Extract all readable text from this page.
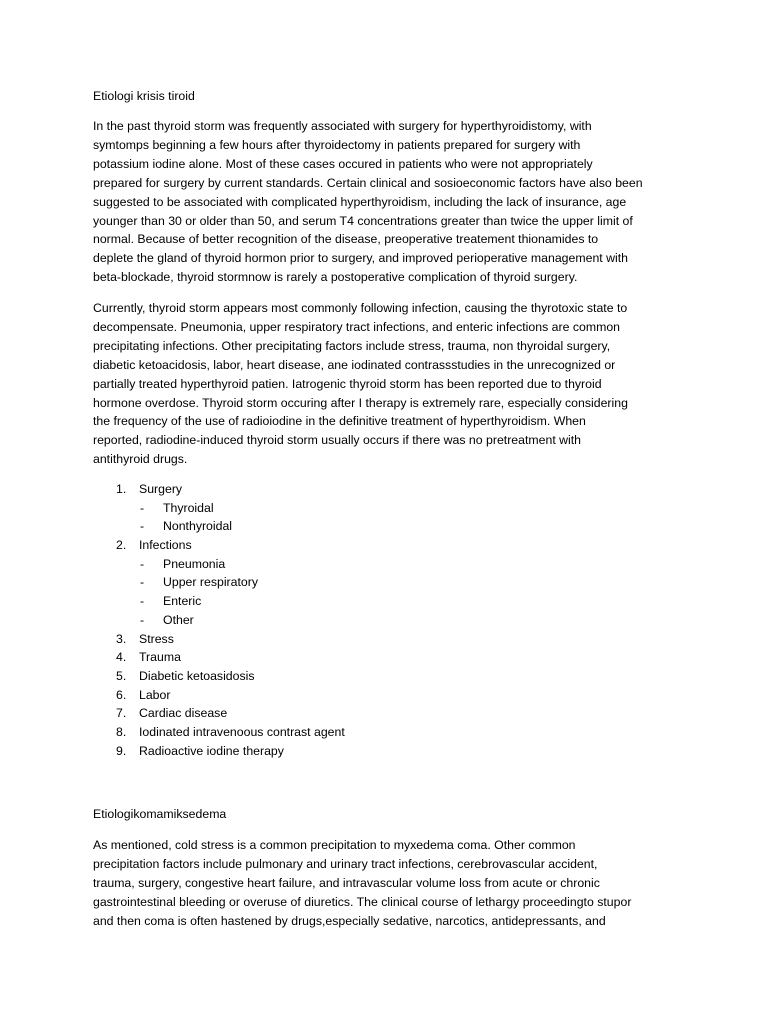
Etiologi krisis tiroid
In the past thyroid storm was frequently associated with surgery for hyperthyroidistomy, with
symtomps beginning a few hours after thyroidectomy in patients prepared for surgery with
potassium iodine alone. Most of these cases occured in patients who were not appropriately
prepared for surgery by current standards. Certain clinical and sosioeconomic factors have also been
suggested to be associated with complicated hyperthyroidism, including the lack of insurance, age
younger than 30 or older than 50, and serum T4 concentrations greater than twice the upper limit of
normal. Because of better recognition of the disease, preoperative treatement thionamides to
deplete the gland of thyroid hormon prior to surgery, and improved perioperative management with
beta-blockade, thyroid stormnow is rarely a postoperative complication of thyroid surgery.
Currently, thyroid storm appears most commonly following infection, causing the thyrotoxic state to
decompensate. Pneumonia, upper respiratory tract infections, and enteric infections are common
precipitating infections. Other precipitating factors include stress, trauma, non thyroidal surgery,
diabetic ketoacidosis, labor, heart disease, ane iodinated contrassstudies in the unrecognized or
partially treated hyperthyroid patien. Iatrogenic thyroid storm has been reported due to thyroid
hormone overdose. Thyroid storm occuring after I therapy is extremely rare, especially considering
the frequency of the use of radioiodine in the definitive treatment of hyperthyroidism. When
reported, radiodine-induced thyroid storm usually occurs if there was no pretreatment with
antithyroid drugs.
1.	Surgery
- Thyroidal
- Nonthyroidal
2.	Infections
- Pneumonia
- Upper respiratory
- Enteric
- Other
3.	Stress
4.	Trauma
5.	Diabetic ketoasidosis
6.	Labor
7.	Cardiac disease
8.	Iodinated intravenoous contrast agent
9.	Radioactive iodine therapy
Etiologikomamiksedema
As mentioned, cold stress is a common precipitation to myxedema coma. Other common
precipitation factors include pulmonary and urinary tract infections, cerebrovascular accident,
trauma, surgery, congestive heart failure, and intravascular volume loss from acute or chronic
gastrointestinal bleeding or overuse of diuretics. The clinical course of lethargy proceedingto stupor
and then coma is often hastened by drugs,especially sedative, narcotics, antidepressants, and
